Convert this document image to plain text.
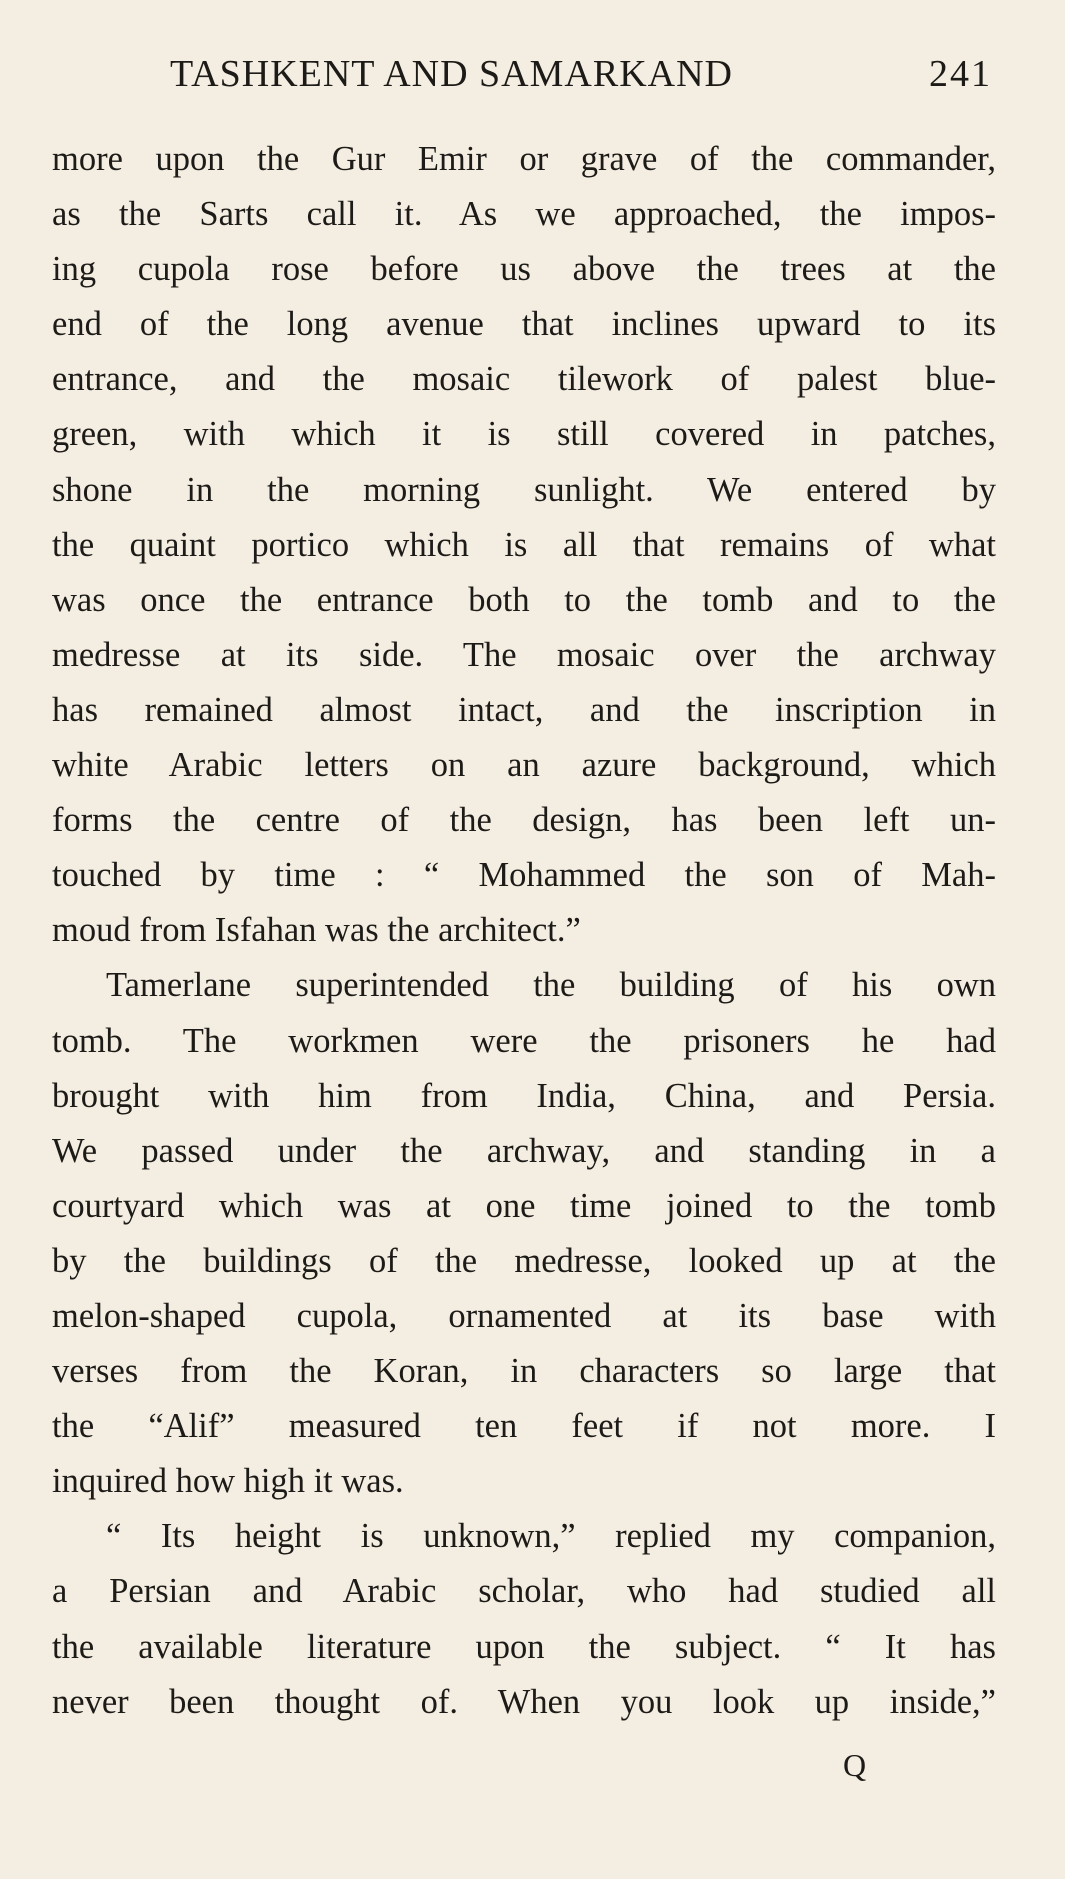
TASHKENT AND SAMARKAND	241
more upon the Gur Emir or grave of the commander,
as the Sarts call it. As we approached, the impos-
ing cupola rose before us above the trees at the
end of the long avenue that inclines upward to its
entrance, and the mosaic tilework of palest blue-
green, with which it is still covered in patches,
shone in the morning sunlight. We entered by
the quaint portico which is all that remains of what
was once the entrance both to the tomb and to the
medresse at its side. The mosaic over the archway
has remained almost intact, and the inscription in
white Arabic letters on an azure background, which
forms the centre of the design, has been left un-
touched by time : “ Mohammed the son of Mah-
moud from Isfahan was the architect.”
Tamerlane superintended the building of his own
tomb. The workmen were the prisoners he had
brought with him from India, China, and Persia.
We passed under the archway, and standing in a
courtyard which was at one time joined to the tomb
by the buildings of the medresse, looked up at the
melon-shaped cupola, ornamented at its base with
verses from the Koran, in characters so large that
the “Alif” measured ten feet if not more. I
inquired how high it was.
“ Its height is unknown,” replied my companion,
a Persian and Arabic scholar, who had studied all
the available literature upon the subject. “ It has
never been thought of. When you look up inside,”
Q
